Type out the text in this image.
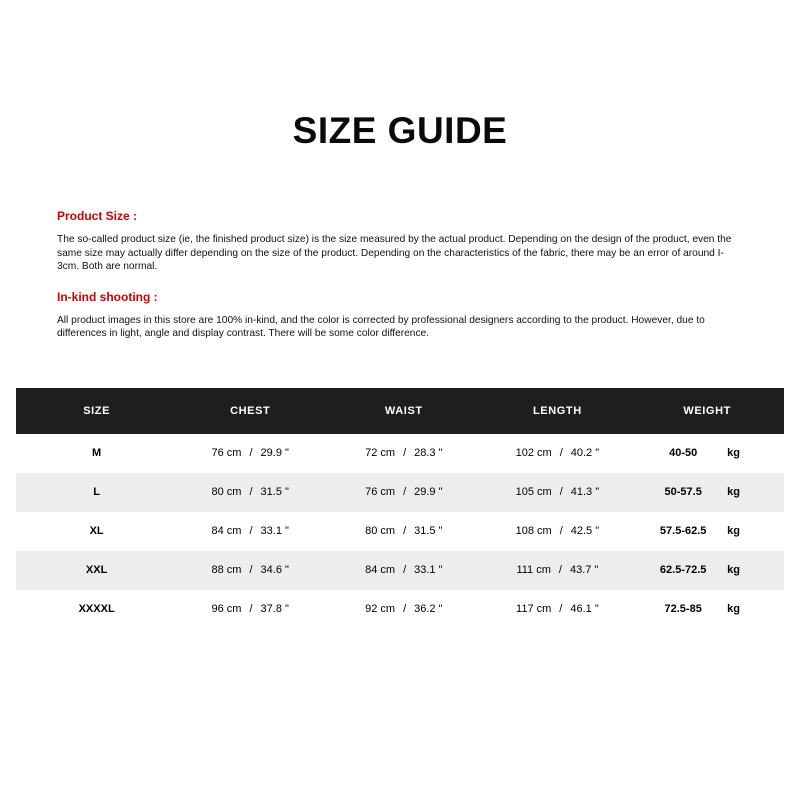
SIZE GUIDE
Product Size :

The so-called product size (ie, the finished product size) is the size measured by the actual product. Depending on the design of the product, even the same size may actually differ depending on the size of the product. Depending on the characteristics of the fabric, there may be an error of around I-3cm. Both are normal.

In-kind shooting :

All product images in this store are 100% in-kind, and the color is corrected by professional designers according to the product. However, due to differences in light, angle and display contrast. There will be some color difference.

SIZE	CHEST	WAIST	LENGTH	WEIGHT
M	76 cm / 29.9 "	72 cm / 28.3 "	102 cm / 40.2 "	40-50 kg

L	80 cm / 31.5 "	76 cm / 29.9 "	105 cm / 41.3 "	50-57.5 kg

XL	84 cm / 33.1 "	80 cm / 31.5 "	108 cm / 42.5 "	57.5-62.5 kg

XXL	88 cm / 34.6 "	84 cm / 33.1 "	111 cm / 43.7 "	62.5-72.5 kg

XXXXL	96 cm / 37.8 "	92 cm / 36.2 "	117 cm / 46.1 "	72.5-85 kg
